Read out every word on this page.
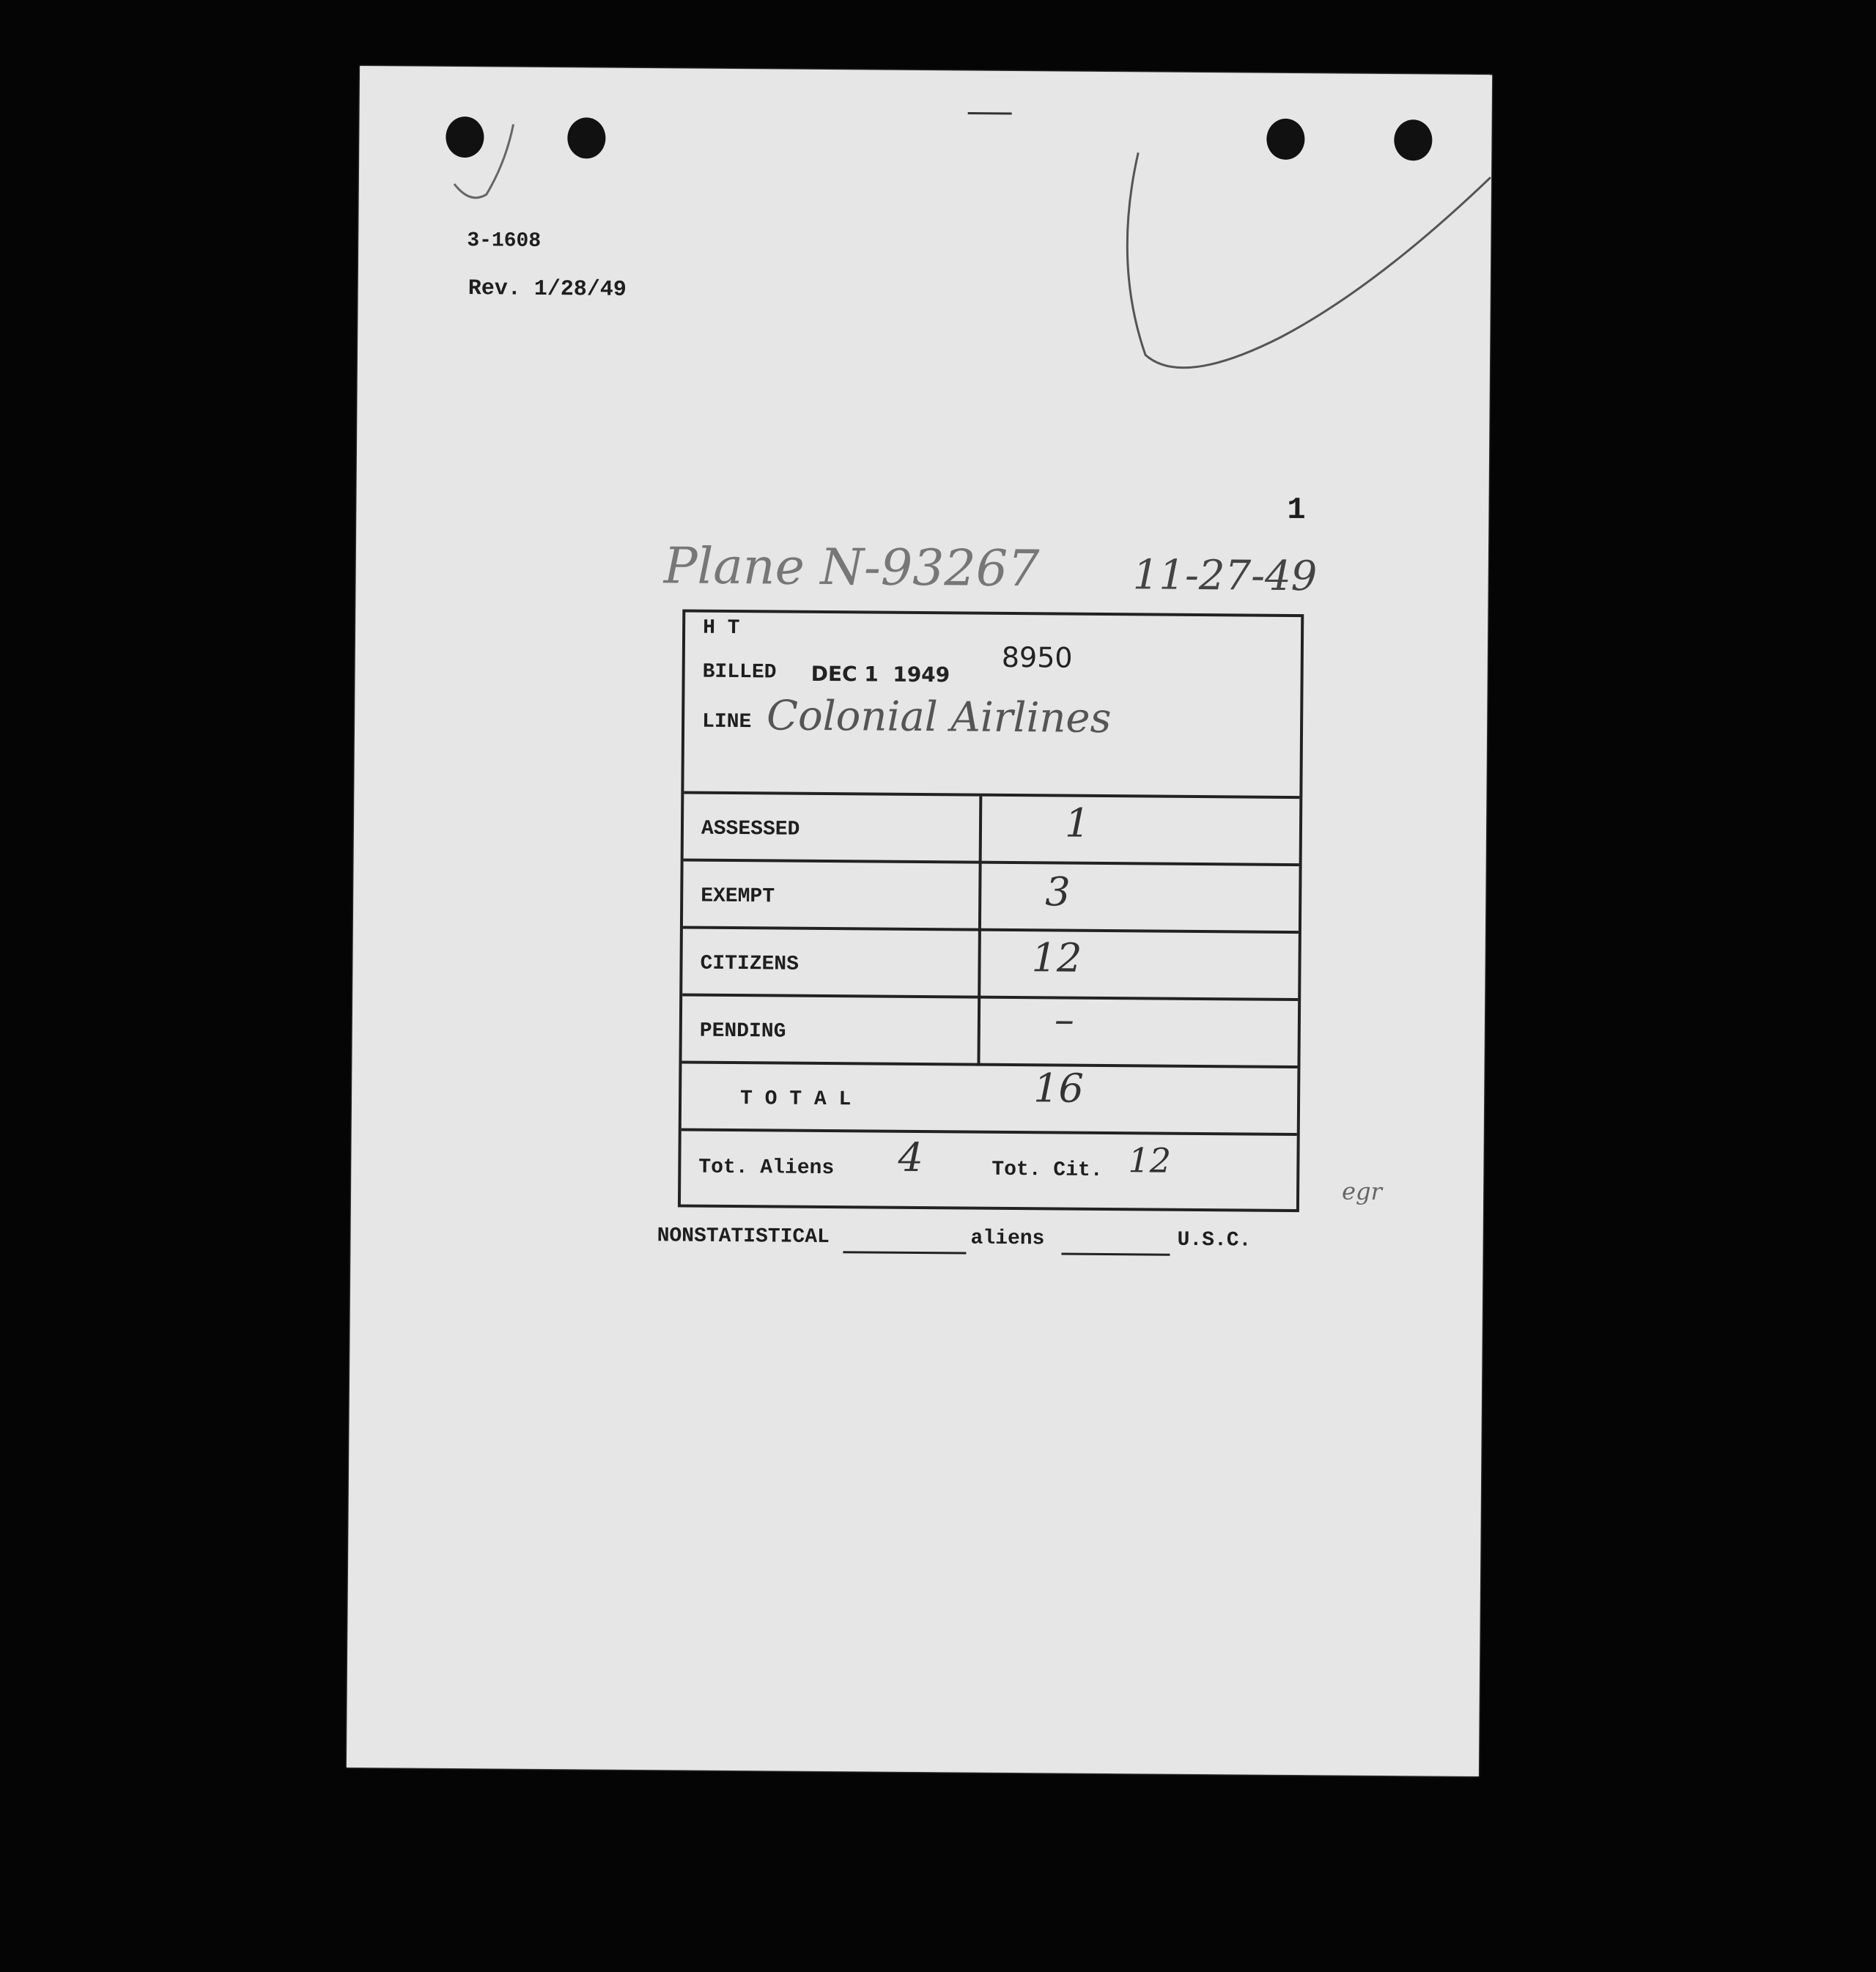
3-1608
Rev. 1/28/49
Plane N-93267 11-27-49
1
H T
BILLED DEC 1  1949
8950
LINE Colonial Airlines
ASSESSED	1
EXEMPT	3
CITIZENS	12
PENDING	–
T O T A L	16
Tot. Aliens 4	Tot. Cit. 12
NONSTATISTICAL	aliens	U.S.C.
egr
